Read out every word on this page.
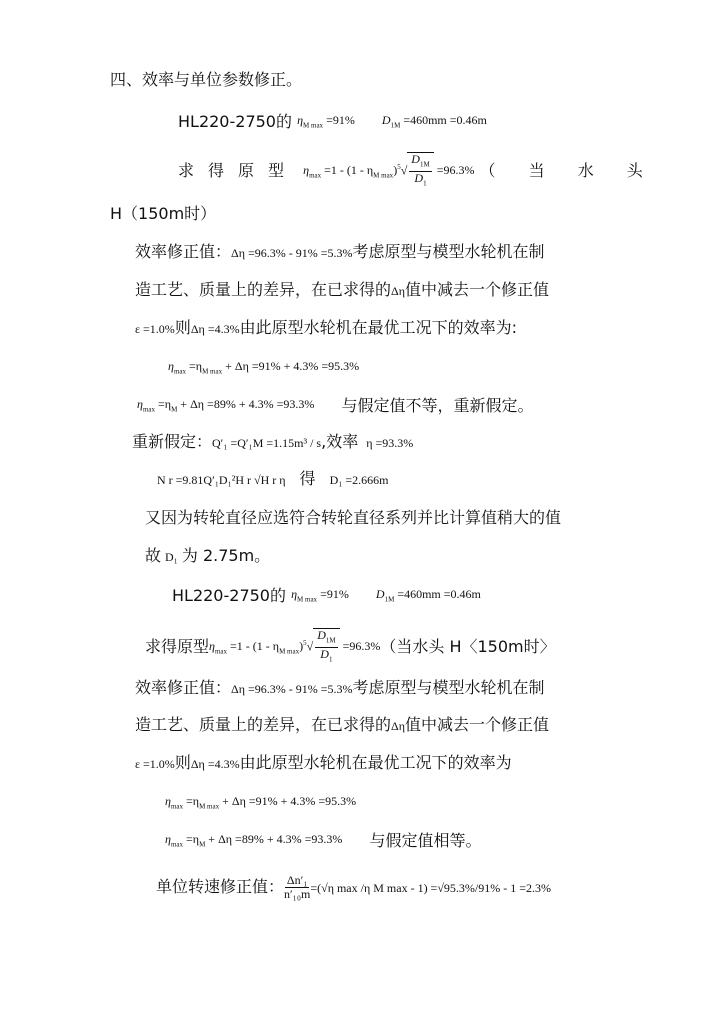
四、效率与单位参数修正。
HL220-2750的 $\eta_{M max} =91\%$ $D_{1M} =460mm =0.46m$
求得原型 $\eta_{max} =1 - (1 - \eta_{M max})^5√ \frac{D_{1M}}{D_1} =96.3\%$ （ 当 水 头
H（150m时）
效率修正值：Δη =96.3% - 91% =5.3%考虑原型与模型水轮机在制
造工艺、质量上的差异，在已求得的Δη值中减去一个修正值
ε =1.0%则Δη =4.3%由此原型水轮机在最优工况下的效率为:
$\eta_{max} =\eta_{M max} + \Delta\eta =91\% + 4.3\% =95.3\%$
$\eta_{max} =\eta_M + \Delta\eta =89\% + 4.3\% =93.3\%$ 与假定值不等，重新假定。
重新假定：Q′₁ =Q′₁M =1.15m³ / s,效率 η =93.3%
N r =9.81Q′₁D₁²H r √H r η 得 D₁ =2.666m
又因为转轮直径应选符合转轮直径系列并比计算值稍大的值
故 D₁ 为 2.75m。
HL220-2750的 $\eta_{M max} =91\%$ $D_{1M} =460mm =0.46m$
求得原型$\eta_{max} =1 - (1 - \eta_{M max})^5√ \frac{D_{1M}}{D_1} =96.3\%$（当水头 H〈150m时〉
效率修正值：Δη =96.3% - 91% =5.3%考虑原型与模型水轮机在制
造工艺、质量上的差异，在已求得的Δη值中减去一个修正值
ε =1.0%则Δη =4.3%由此原型水轮机在最优工况下的效率为
$\eta_{max} =\eta_{M max} + \Delta\eta =91\% + 4.3\% =95.3\%$
$\eta_{max} =\eta_M + \Delta\eta =89\% + 4.3\% =93.3\%$ 与假定值相等。
单位转速修正值： $\frac{\text{Δn′₁}}{\text{n′₁₀m}} =(√\eta$ max /η M max - 1) =√95.3%/91% - 1 =2.3%
